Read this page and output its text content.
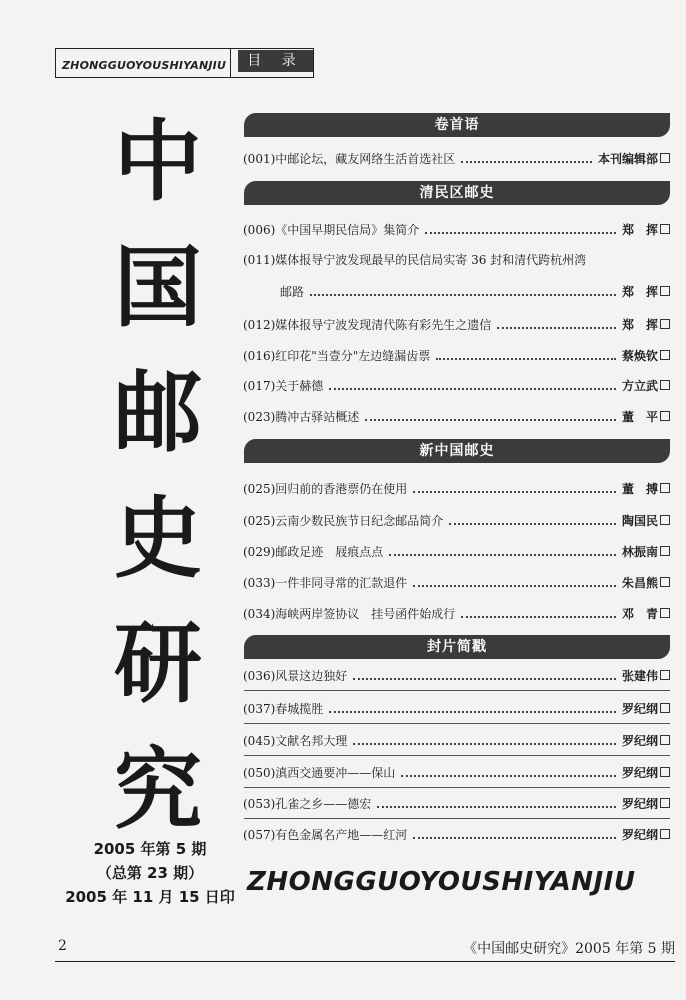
ZHONGGUOYOUSHIYANJIU	目 录
中
国
邮
史
研
究
2005 年第 5 期
（总第 23 期）
2005 年 11 月 15 日印
卷首语
(001)中邮论坛，藏友网络生活首选社区	本刊编辑部
清民区邮史
(006)《中国早期民信局》集简介	郑　挥
(011)媒体报导宁波发现最早的民信局实寄 36 封和清代跨杭州湾
邮路	郑　挥
(012)媒体报导宁波发现清代陈有彩先生之遗信	郑　挥
(016)红印花"当壹分"左边缝漏齿票	蔡焕钦
(017)关于赫德	方立武
(023)腾冲古驿站概述	董　平
新中国邮史
(025)回归前的香港票仍在使用	董　搏
(025)云南少数民族节日纪念邮品简介	陶国民
(029)邮政足迹　屐痕点点	林振南
(033)一件非同寻常的汇款退件	朱昌熊
(034)海峡两岸签协议　挂号函件始成行	邓　青
封片简戳
(036)风景这边独好	张建伟
(037)春城揽胜	罗纪纲
(045)文献名邦大理	罗纪纲
(050)滇西交通要冲——保山	罗纪纲
(053)孔雀之乡——德宏	罗纪纲
(057)有色金属名产地——红河	罗纪纲
ZHONGGUOYOUSHIYANJIU
2	《中国邮史研究》2005 年第 5 期
